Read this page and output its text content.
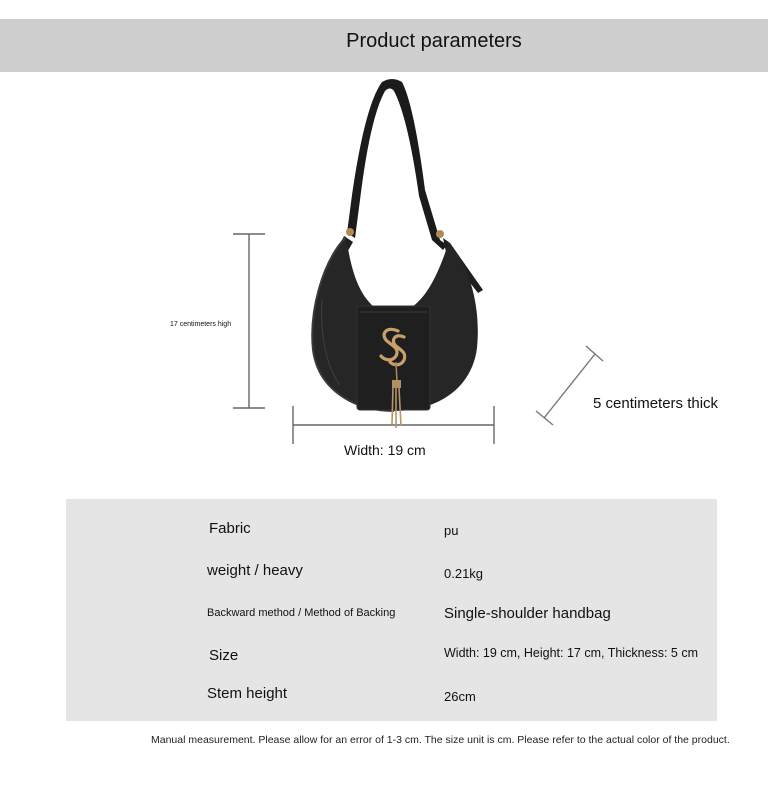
Product parameters
17 centimeters high
Width: 19 cm
5 centimeters thick
Fabric	pu
weight / heavy	0.21kg
Backward method / Method of Backing	Single-shoulder handbag
Size	Width: 19 cm, Height: 17 cm, Thickness: 5 cm
Stem height	26cm
Manual measurement. Please allow for an error of 1-3 cm. The size unit is cm. Please refer to the actual color of the product.
